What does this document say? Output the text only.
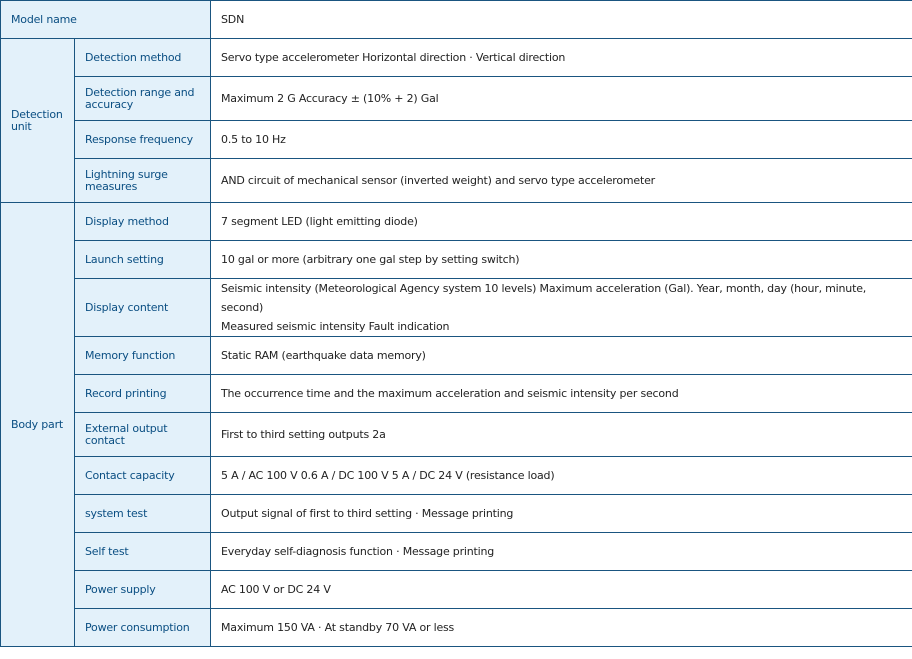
Model name		SDN
Detection unit	Detection method	Servo type accelerometer Horizontal direction · Vertical direction
	Detection range and accuracy	Maximum 2 G Accuracy ± (10% + 2) Gal
	Response frequency	0.5 to 10 Hz
	Lightning surge measures	AND circuit of mechanical sensor (inverted weight) and servo type accelerometer
Body part	Display method	7 segment LED (light emitting diode)
	Launch setting	10 gal or more (arbitrary one gal step by setting switch)
	Display content	Seismic intensity (Meteorological Agency system 10 levels) Maximum acceleration (Gal). Year, month, day (hour, minute, second)
Measured seismic intensity Fault indication

	Memory function	Static RAM (earthquake data memory)
	Record printing	The occurrence time and the maximum acceleration and seismic intensity per second
	External output contact	First to third setting outputs 2a
	Contact capacity	5 A / AC 100 V 0.6 A / DC 100 V 5 A / DC 24 V (resistance load)
	system test	Output signal of first to third setting · Message printing
	Self test	Everyday self-diagnosis function · Message printing
	Power supply	AC 100 V or DC 24 V
	Power consumption	Maximum 150 VA · At standby 70 VA or less
